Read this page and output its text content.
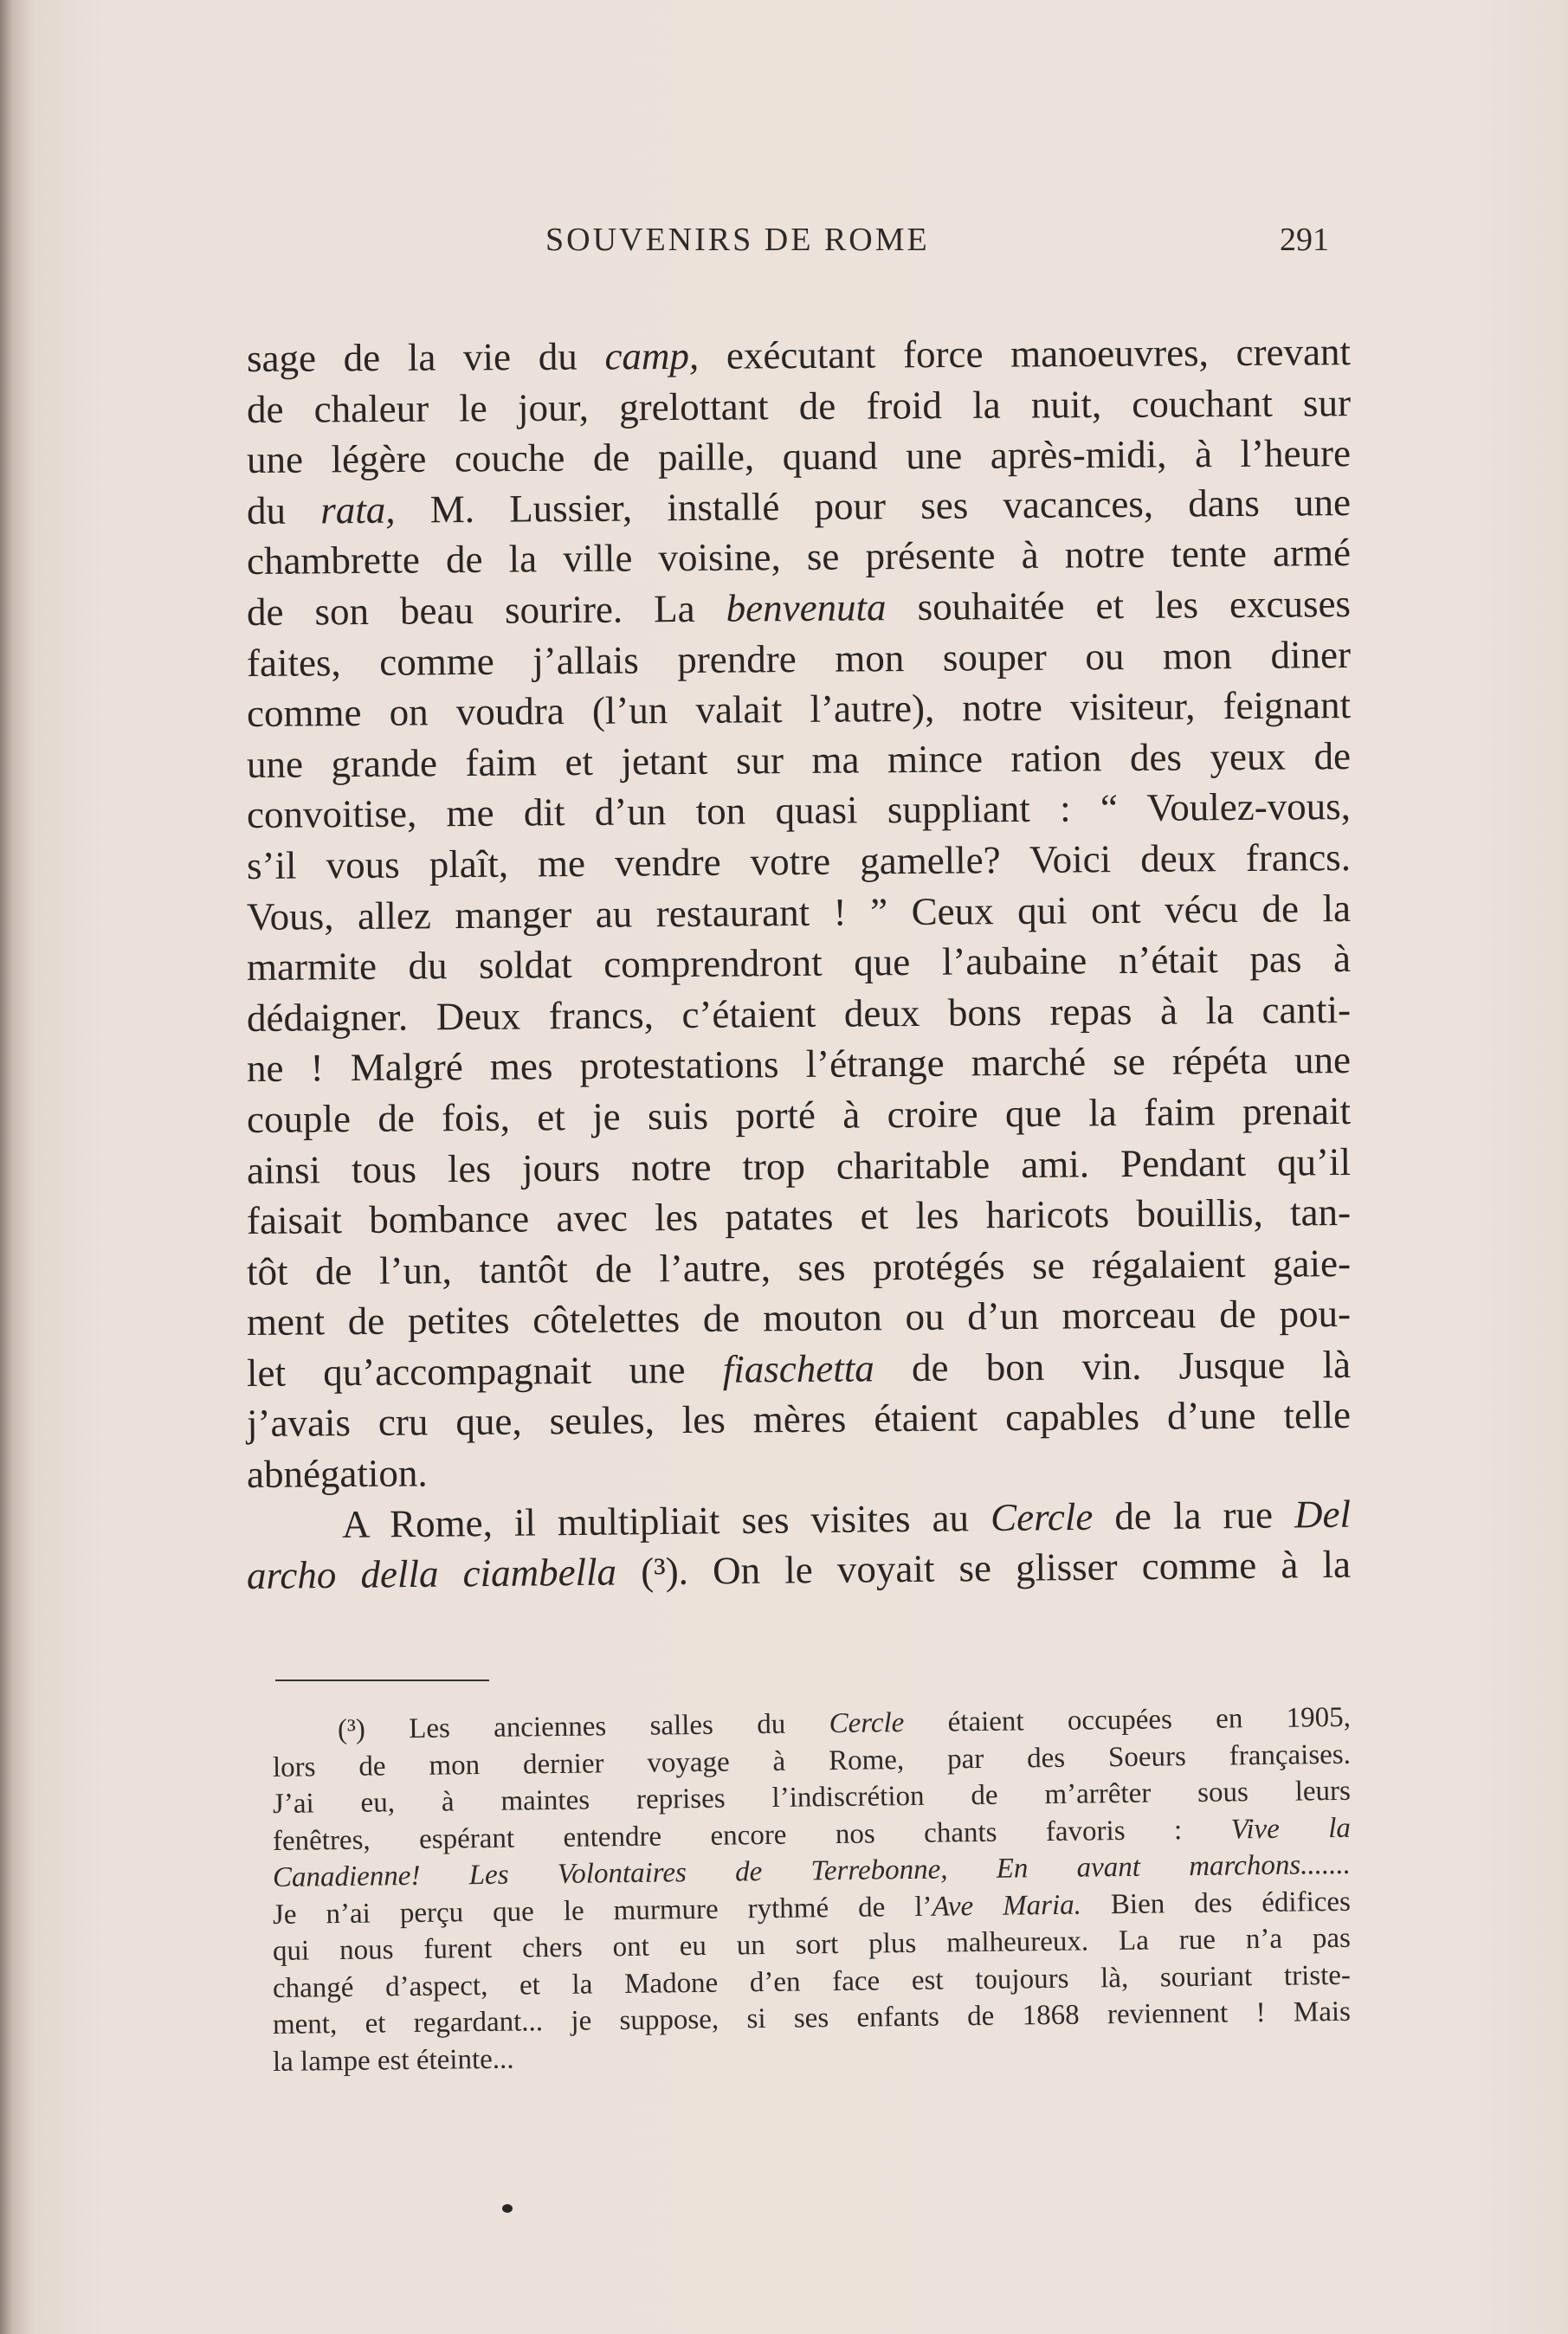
SOUVENIRS DE ROME	291
sage de la vie du camp, exécutant force manoeuvres, crevant
de chaleur le jour, grelottant de froid la nuit, couchant sur
une légère couche de paille, quand une après-midi, à l’heure
du rata, M. Lussier, installé pour ses vacances, dans une
chambrette de la ville voisine, se présente à notre tente armé
de son beau sourire. La benvenuta souhaitée et les excuses
faites, comme j’allais prendre mon souper ou mon diner
comme on voudra (l’un valait l’autre), notre visiteur, feignant
une grande faim et jetant sur ma mince ration des yeux de
convoitise, me dit d’un ton quasi suppliant : “ Voulez-vous,
s’il vous plaît, me vendre votre gamelle? Voici deux francs.
Vous, allez manger au restaurant ! ” Ceux qui ont vécu de la
marmite du soldat comprendront que l’aubaine n’était pas à
dédaigner. Deux francs, c’étaient deux bons repas à la canti-
ne ! Malgré mes protestations l’étrange marché se répéta une
couple de fois, et je suis porté à croire que la faim prenait
ainsi tous les jours notre trop charitable ami. Pendant qu’il
faisait bombance avec les patates et les haricots bouillis, tan-
tôt de l’un, tantôt de l’autre, ses protégés se régalaient gaie-
ment de petites côtelettes de mouton ou d’un morceau de pou-
let qu’accompagnait une fiaschetta de bon vin. Jusque là
j’avais cru que, seules, les mères étaient capables d’une telle
abnégation.
A Rome, il multipliait ses visites au Cercle de la rue Del
archo della ciambella (³). On le voyait se glisser comme à la
(³) Les anciennes salles du Cercle étaient occupées en 1905,
lors de mon dernier voyage à Rome, par des Soeurs françaises.
J’ai eu, à maintes reprises l’indiscrétion de m’arrêter sous leurs
fenêtres, espérant entendre encore nos chants favoris : Vive la
Canadienne! Les Volontaires de Terrebonne, En avant marchons.......
Je n’ai perçu que le murmure rythmé de l’Ave Maria. Bien des édifices
qui nous furent chers ont eu un sort plus malheureux. La rue n’a pas
changé d’aspect, et la Madone d’en face est toujours là, souriant triste-
ment, et regardant... je suppose, si ses enfants de 1868 reviennent ! Mais
la lampe est éteinte...
